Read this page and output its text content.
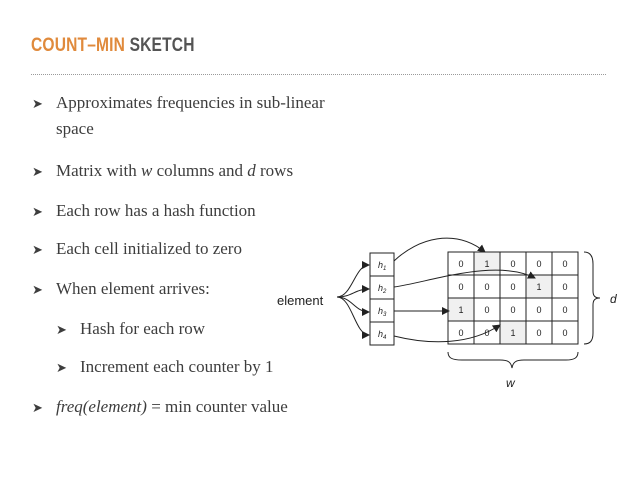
COUNT–MIN SKETCH
➤ Approximates frequencies in sub-linear
space
➤ Matrix with w columns and d rows
➤ Each row has a hash function
➤ Each cell initialized to zero
➤ When element arrives:
➤ Hash for each row
➤ Increment each counter by 1
➤ freq(element) = min counter value
element
$h_1$
$h_2$
$h_3$
$h_4$
0 1 0 0 0
0 0 0 1 0
1 0 0 0 0
0 0 1 0 0
w
d
